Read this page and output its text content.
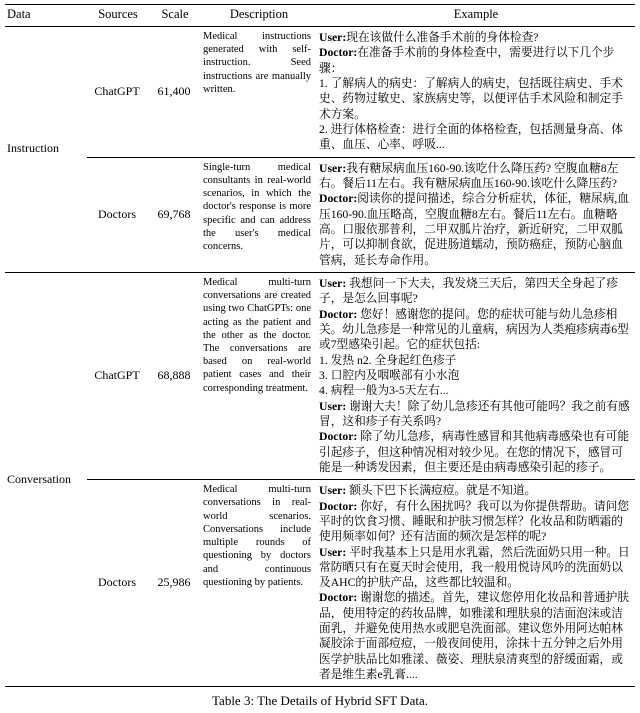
Data	Sources	Scale	Description	Example
Instruction	ChatGPT	61,400	Medical instructions generated with self-instruction. Seed instructions are manually written.	User:现在该做什么准备手术前的身体检查?

Doctor:在准备手术前的身体检查中，需要进行以下几个步骤：

1. 了解病人的病史：了解病人的病史，包括既往病史、手术史、药物过敏史、家族病史等，以便评估手术风险和制定手术方案。

2. 进行体格检查：进行全面的体格检查，包括测量身高、体重、血压、心率、呼吸...

	Doctors	69,768	Single-turn medical consultants in real-world scenarios, in which the doctor's response is more specific and can address the user's medical concerns.	User:我有糖尿病血压160-90.该吃什么降压药? 空腹血糖8左右。餐后11左右。我有糖尿病血压160-90.该吃什么降压药?

Doctor:阅读你的提问描述，综合分析症状，体征，糖尿病,血压160-90.血压略高，空腹血糖8左右。餐后11左右。血糖略高。口服依那普利，二甲双胍片治疗，新近研究，二甲双胍片，可以抑制食欲，促进肠道蠕动，预防癌症，预防心脑血管病，延长寿命作用。

Conversation	ChatGPT	68,888	Medical multi-turn conversations are created using two ChatGPTs: one acting as the patient and the other as the doctor. The conversations are based on real-world patient cases and their corresponding treatment.	

User: 我想问一下大夫，我发烧三天后，第四天全身起了疹子，是怎么回事呢?

Doctor: 您好！感谢您的提问。您的症状可能与幼儿急疹相关。幼儿急疹是一种常见的儿童病，病因为人类疱疹病毒6型或7型感染引起。它的症状包括:

1. 发热 n2. 全身起红色疹子

3. 口腔内及咽喉部有小水泡

4. 病程一般为3-5天左右...

User: 谢谢大夫！除了幼儿急疹还有其他可能吗？我之前有感冒，这和疹子有关系吗?

Doctor: 除了幼儿急疹，病毒性感冒和其他病毒感染也有可能引起疹子，但这种情况相对较少见。在您的情况下，感冒可能是一种诱发因素，但主要还是由病毒感染引起的疹子。

	Doctors	25,986	Medical multi-turn conversations in real-world scenarios. Conversations include multiple rounds of questioning by doctors and continuous questioning by patients.	User: 额头下巴下长满痘痘。就是不知道。

Doctor: 你好，有什么困扰吗？我可以为你提供帮助。请问您平时的饮食习惯、睡眠和护肤习惯怎样？化妆品和防晒霜的使用频率如何？还有洁面的频次是怎样的呢?

User: 平时我基本上只是用水乳霜，然后洗面奶只用一种。日常防晒只有在夏天时会使用，我一般用悦诗风吟的洗面奶以及AHC的护肤产品，这些都比较温和。

Doctor: 谢谢您的描述。首先，建议您停用化妆品和普通护肤品，使用特定的药妆品牌，如雅漾和理肤泉的洁面泡沫或洁面乳，并避免使用热水或肥皂洗面部。建议您外用阿达帕林凝胶涂于面部痘痘，一般夜间使用，涂抹十五分钟之后外用医学护肤品比如雅漾、薇姿、理肤泉清爽型的舒缓面霜，或者是维生素e乳膏....

Table 3: The Details of Hybrid SFT Data.
